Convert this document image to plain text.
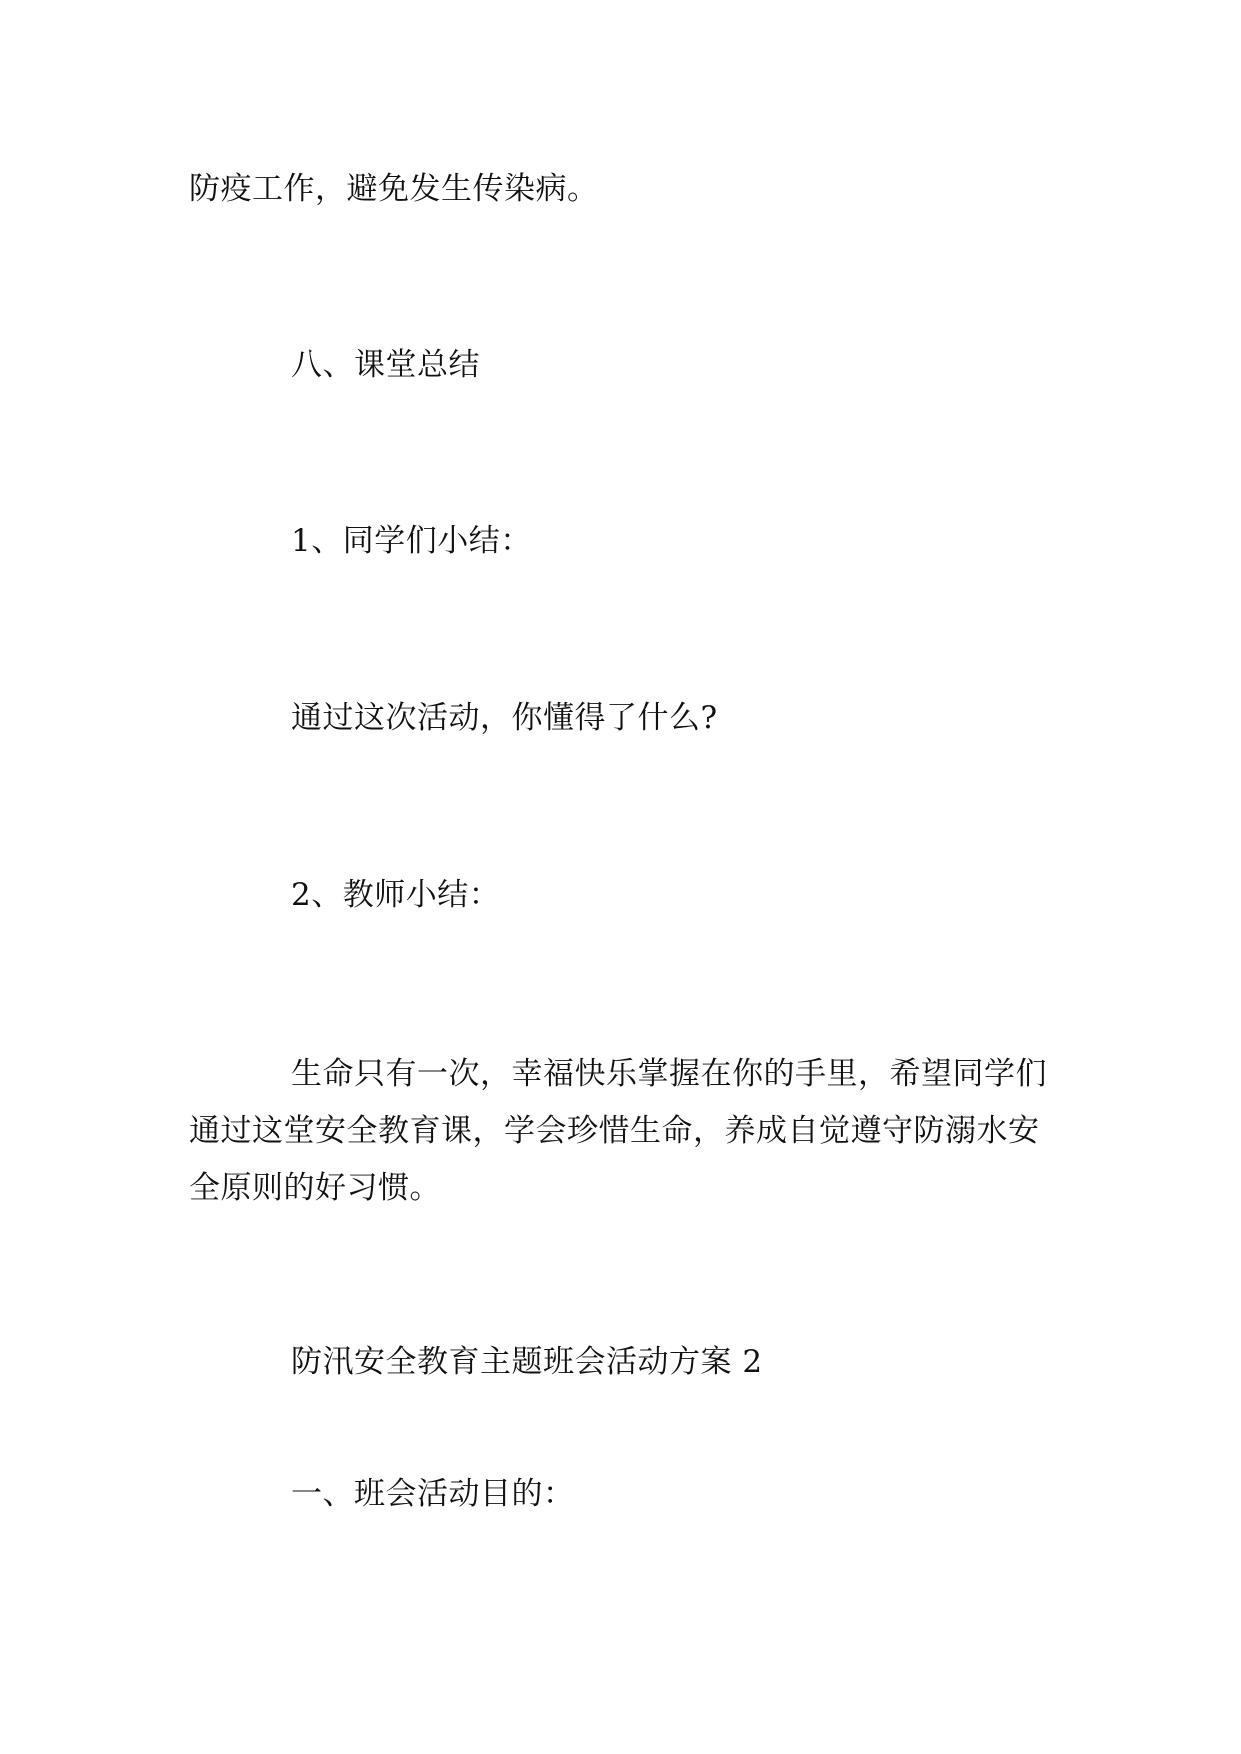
防疫工作，避免发生传染病。

八、课堂总结

1、同学们小结：

通过这次活动，你懂得了什么?

2、教师小结：

生命只有一次，幸福快乐掌握在你的手里，希望同学们通过这堂安全教育课，学会珍惜生命，养成自觉遵守防溺水安全原则的好习惯。

防汛安全教育主题班会活动方案 2

一、班会活动目的：
